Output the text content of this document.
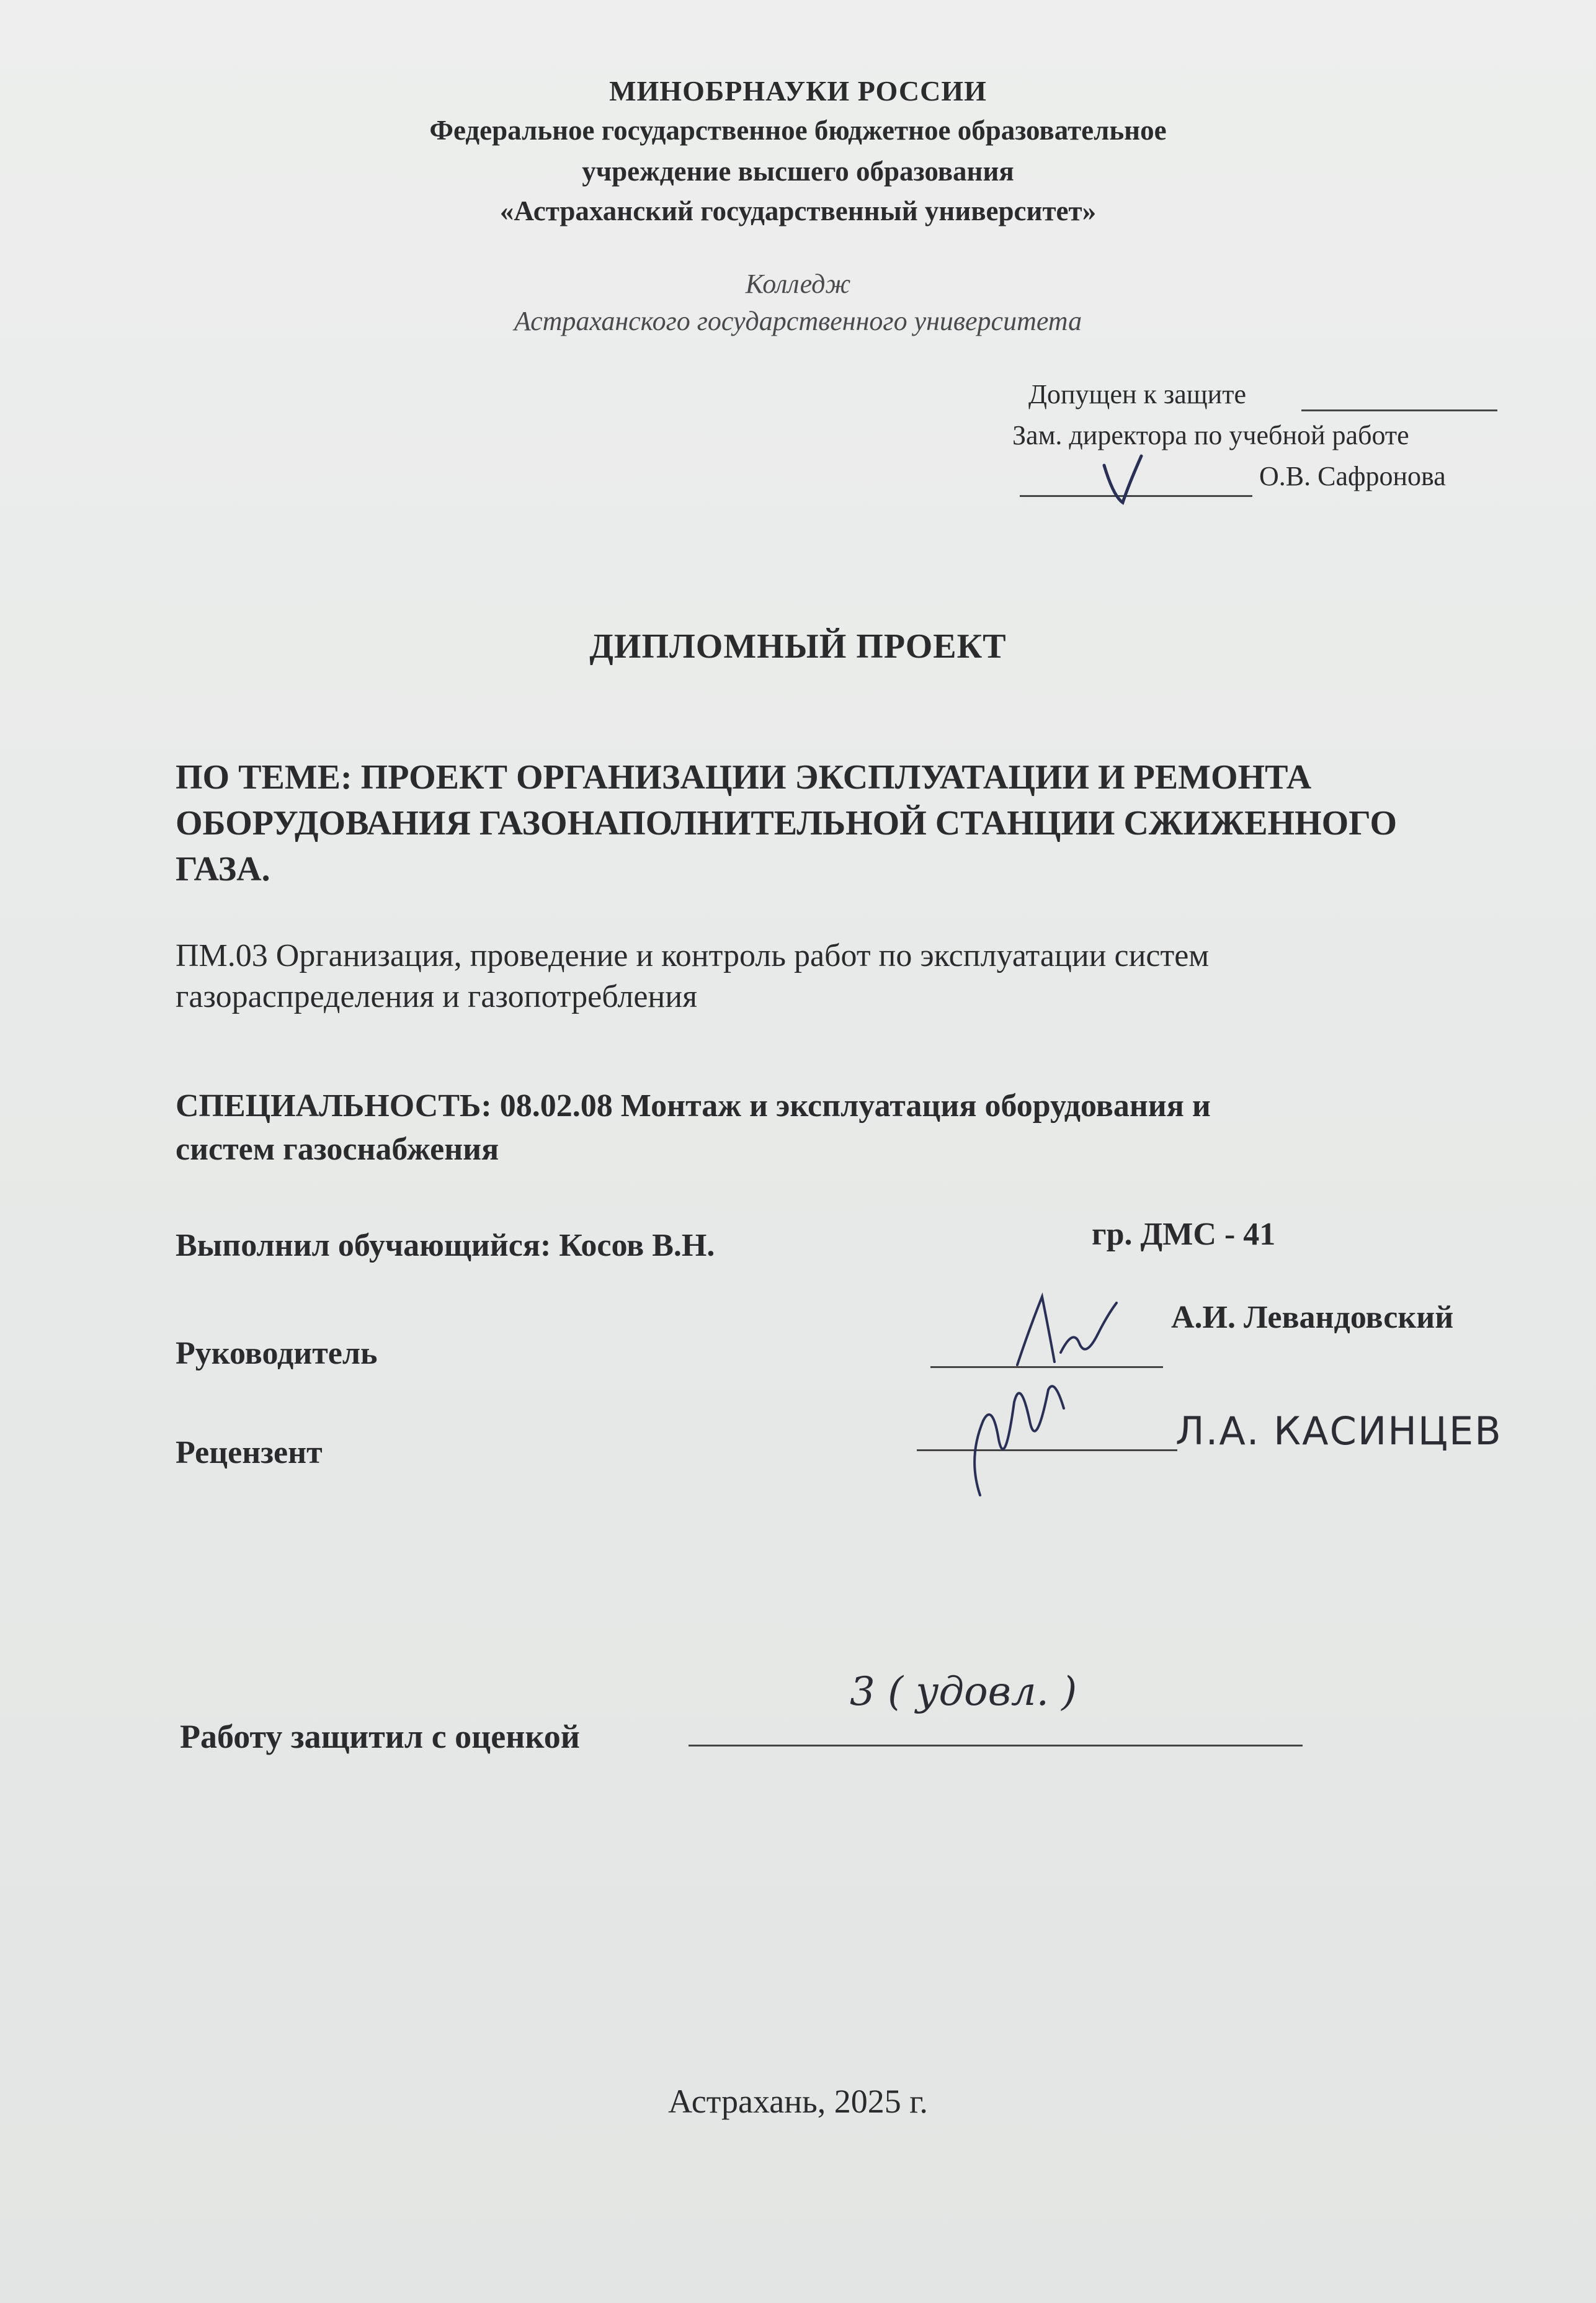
МИНОБРНАУКИ РОССИИ
Федеральное государственное бюджетное образовательное
учреждение высшего образования
«Астраханский государственный университет»
Колледж
Астраханского государственного университета
Допущен к защите
Зам. директора по учебной работе
О.В. Сафронова
ДИПЛОМНЫЙ ПРОЕКТ
ПО ТЕМЕ: ПРОЕКТ ОРГАНИЗАЦИИ ЭКСПЛУАТАЦИИ И РЕМОНТА ОБОРУДОВАНИЯ ГАЗОНАПОЛНИТЕЛЬНОЙ СТАНЦИИ СЖИЖЕННОГО ГАЗА.
ПМ.03 Организация, проведение и контроль работ по эксплуатации систем
газораспределения и газопотребления
СПЕЦИАЛЬНОСТЬ: 08.02.08 Монтаж и эксплуатация оборудования и
систем газоснабжения
Выполнил обучающийся: Косов В.Н.	гр. ДМС - 41
Руководитель
А.И. Левандовский
Рецензент	Л.А. КАСИНЦЕВ
Работу защитил с оценкой
3 ( удовл. )
Астрахань, 2025 г.
